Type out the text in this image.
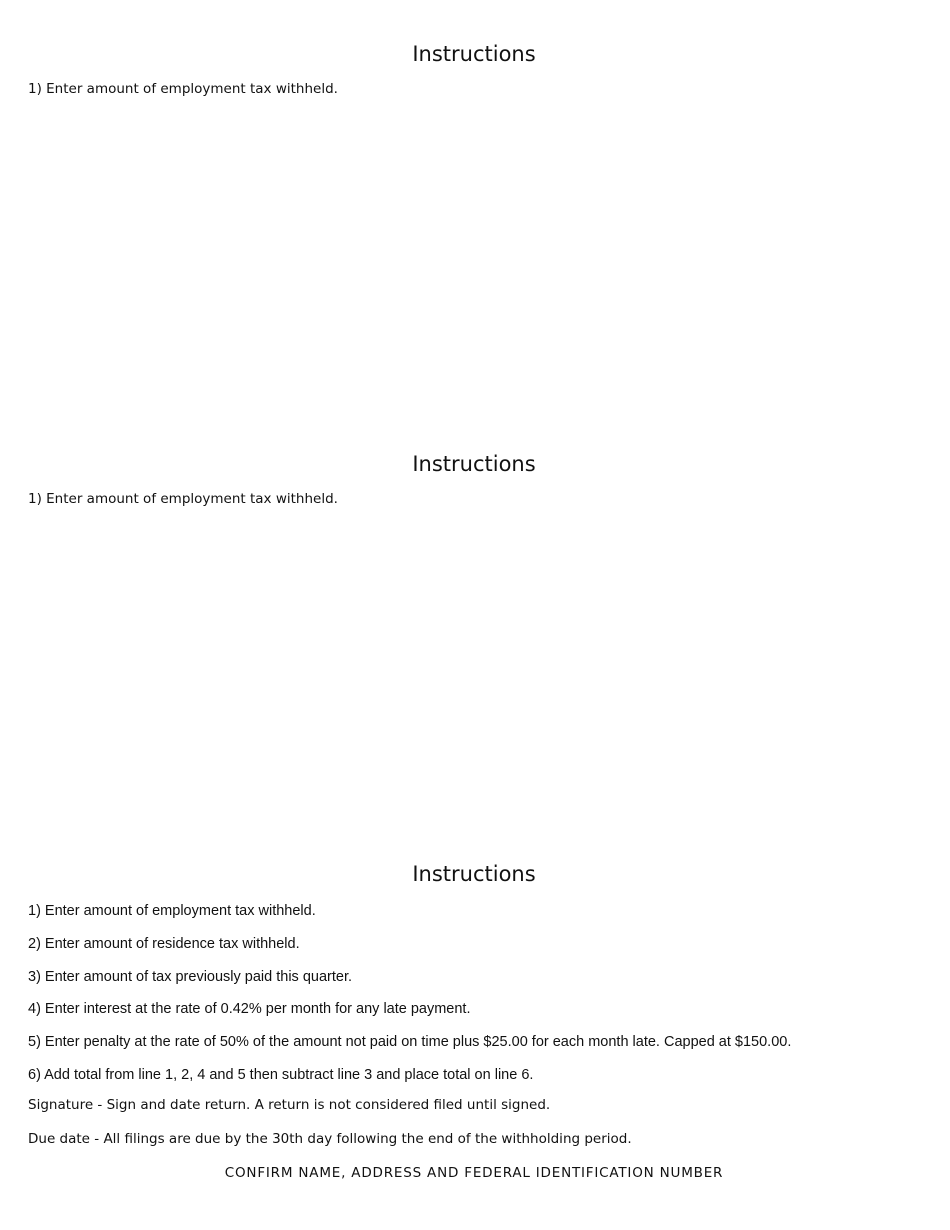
Instructions

1) Enter amount of employment tax withheld.

Instructions

1) Enter amount of employment tax withheld.

Instructions

1) Enter amount of employment tax withheld.

2) Enter amount of residence tax withheld.

3) Enter amount of tax previously paid this quarter.

4) Enter interest at the rate of 0.42% per month for any late payment.

5) Enter penalty at the rate of 50% of the amount not paid on time plus $25.00 for each month late. Capped at $150.00.

6) Add total from line 1, 2, 4 and 5 then subtract line 3 and place total on line 6.

Signature - Sign and date return. A return is not considered filed until signed.

Due date - All filings are due by the 30th day following the end of the withholding period.

CONFIRM NAME, ADDRESS AND FEDERAL IDENTIFICATION NUMBER
